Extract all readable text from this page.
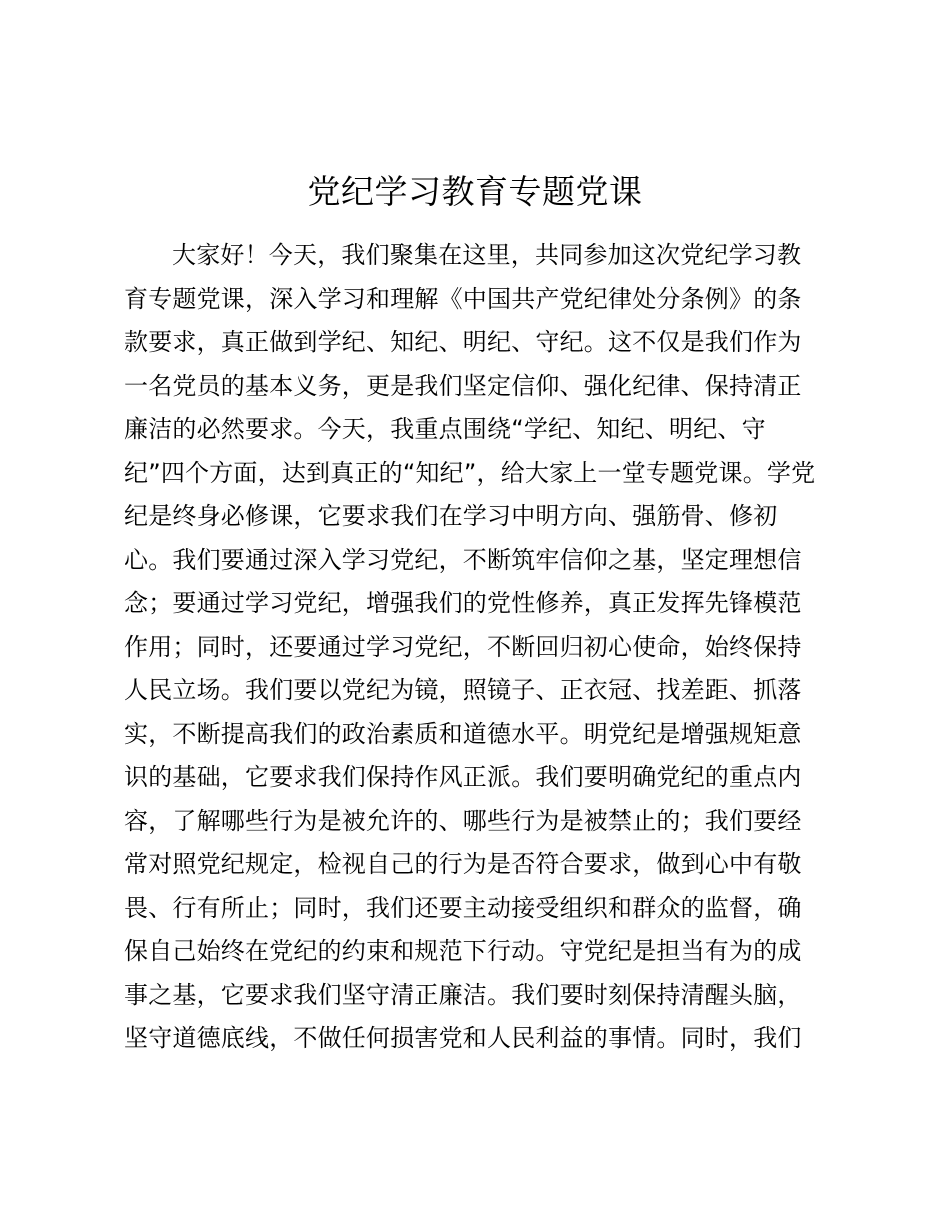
党纪学习教育专题党课
大家好！今天，我们聚集在这里，共同参加这次党纪学习教
育专题党课，深入学习和理解《中国共产党纪律处分条例》的条
款要求，真正做到学纪、知纪、明纪、守纪。这不仅是我们作为
一名党员的基本义务，更是我们坚定信仰、强化纪律、保持清正
廉洁的必然要求。今天，我重点围绕“学纪、知纪、明纪、守
纪”四个方面，达到真正的“知纪”，给大家上一堂专题党课。学党
纪是终身必修课，它要求我们在学习中明方向、强筋骨、修初
心。我们要通过深入学习党纪，不断筑牢信仰之基，坚定理想信
念；要通过学习党纪，增强我们的党性修养，真正发挥先锋模范
作用；同时，还要通过学习党纪，不断回归初心使命，始终保持
人民立场。我们要以党纪为镜，照镜子、正衣冠、找差距、抓落
实，不断提高我们的政治素质和道德水平。明党纪是增强规矩意
识的基础，它要求我们保持作风正派。我们要明确党纪的重点内
容，了解哪些行为是被允许的、哪些行为是被禁止的；我们要经
常对照党纪规定，检视自己的行为是否符合要求，做到心中有敬
畏、行有所止；同时，我们还要主动接受组织和群众的监督，确
保自己始终在党纪的约束和规范下行动。守党纪是担当有为的成
事之基，它要求我们坚守清正廉洁。我们要时刻保持清醒头脑，
坚守道德底线，不做任何损害党和人民利益的事情。同时，我们
